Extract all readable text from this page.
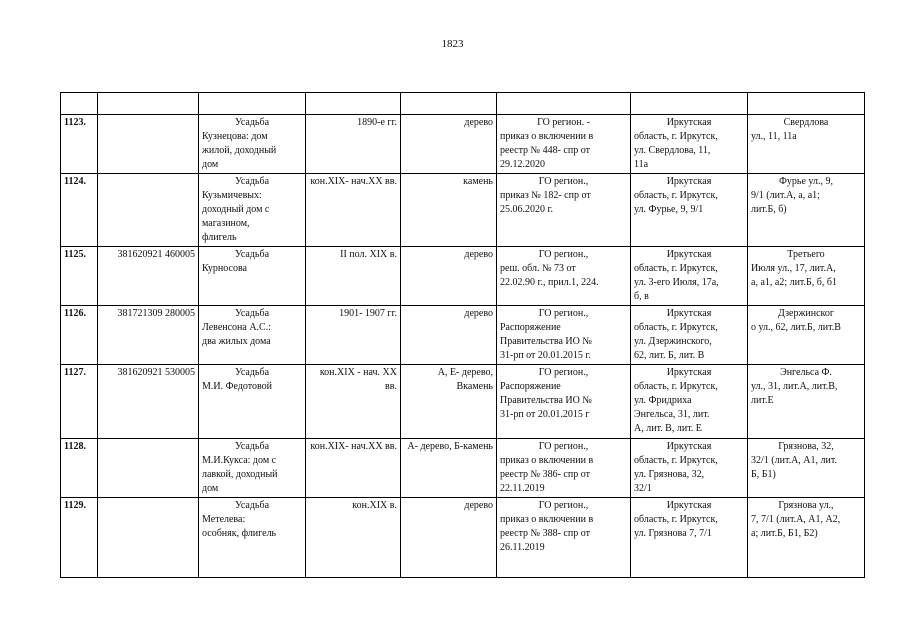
1823

1123.		Усадьба
Кузнецова: дом
жилой, доходный
дом	1890-е гг.	дерево	ГО регион. -
приказ о включении в
реестр № 448- спр от
29.12.2020	Иркутская
область, г. Иркутск,
ул. Свердлова, 11,
11а	Свердлова
ул., 11, 11а

1124.		Усадьба
Кузьмичевых:
доходный дом с
магазином,
флигель	кон.XIX- нач.XX вв.	камень	ГО регион.,
приказ № 182- спр от
25.06.2020 г.	Иркутская
область, г. Иркутск,
ул. Фурье, 9, 9/1	Фурье ул., 9,
9/1 (лит.А, а, а1;
лит.Б, б)

1125.	381620921 460005	Усадьба
Курносова	II пол. XIX в.	дерево	ГО регион.,
реш. обл. № 73 от
22.02.90 г., прил.1, 224.	Иркутская
область, г. Иркутск,
ул. 3-его Июля, 17а,
б, в	Третьего
Июля ул., 17, лит.А,
а, а1, а2; лит.Б, б, б1

1126.	381721309 280005	Усадьба
Левенсона А.С.:
два жилых дома	1901- 1907 гг.	дерево	ГО регион.,
Распоряжение
Правительства ИО №
31-рп от 20.01.2015 г.	Иркутская
область, г. Иркутск,
ул. Дзержинского,
62, лит. Б, лит. В	Дзержинског
о ул., 62, лит.Б, лит.В

1127.	381620921 530005	Усадьба
М.И. Федотовой	кон.XIX - нач. XX вв.	А, Е- дерево, Вкамень	ГО регион.,
Распоряжение
Правительства ИО №
31-рп от 20.01.2015 г	Иркутская
область, г. Иркутск,
ул. Фридриха
Энгельса, 31, лит.
А, лит. В, лит. Е	Энгельса Ф.
ул., 31, лит.А, лит.В,
лит.Е

1128.		Усадьба
М.И.Кукса: дом с
лавкой, доходный
дом	кон.XIX- нач.XX вв.	А- дерево, Б-камень	ГО регион.,
приказ о включении в
реестр № 386- спр от
22.11.2019	Иркутская
область, г. Иркутск,
ул. Грязнова, 32,
32/1	Грязнова, 32,
32/1 (лит.А, А1, лит.
Б, Б1)

1129.		Усадьба
Метелева:
особняк, флигель	кон.XIX в.	дерево	ГО регион.,
приказ о включении в
реестр № 388- спр от
26.11.2019	Иркутская
область, г. Иркутск,
ул. Грязнова 7, 7/1	Грязнова ул.,
7, 7/1 (лит.А, А1, А2,
а; лит.Б, Б1, Б2)
